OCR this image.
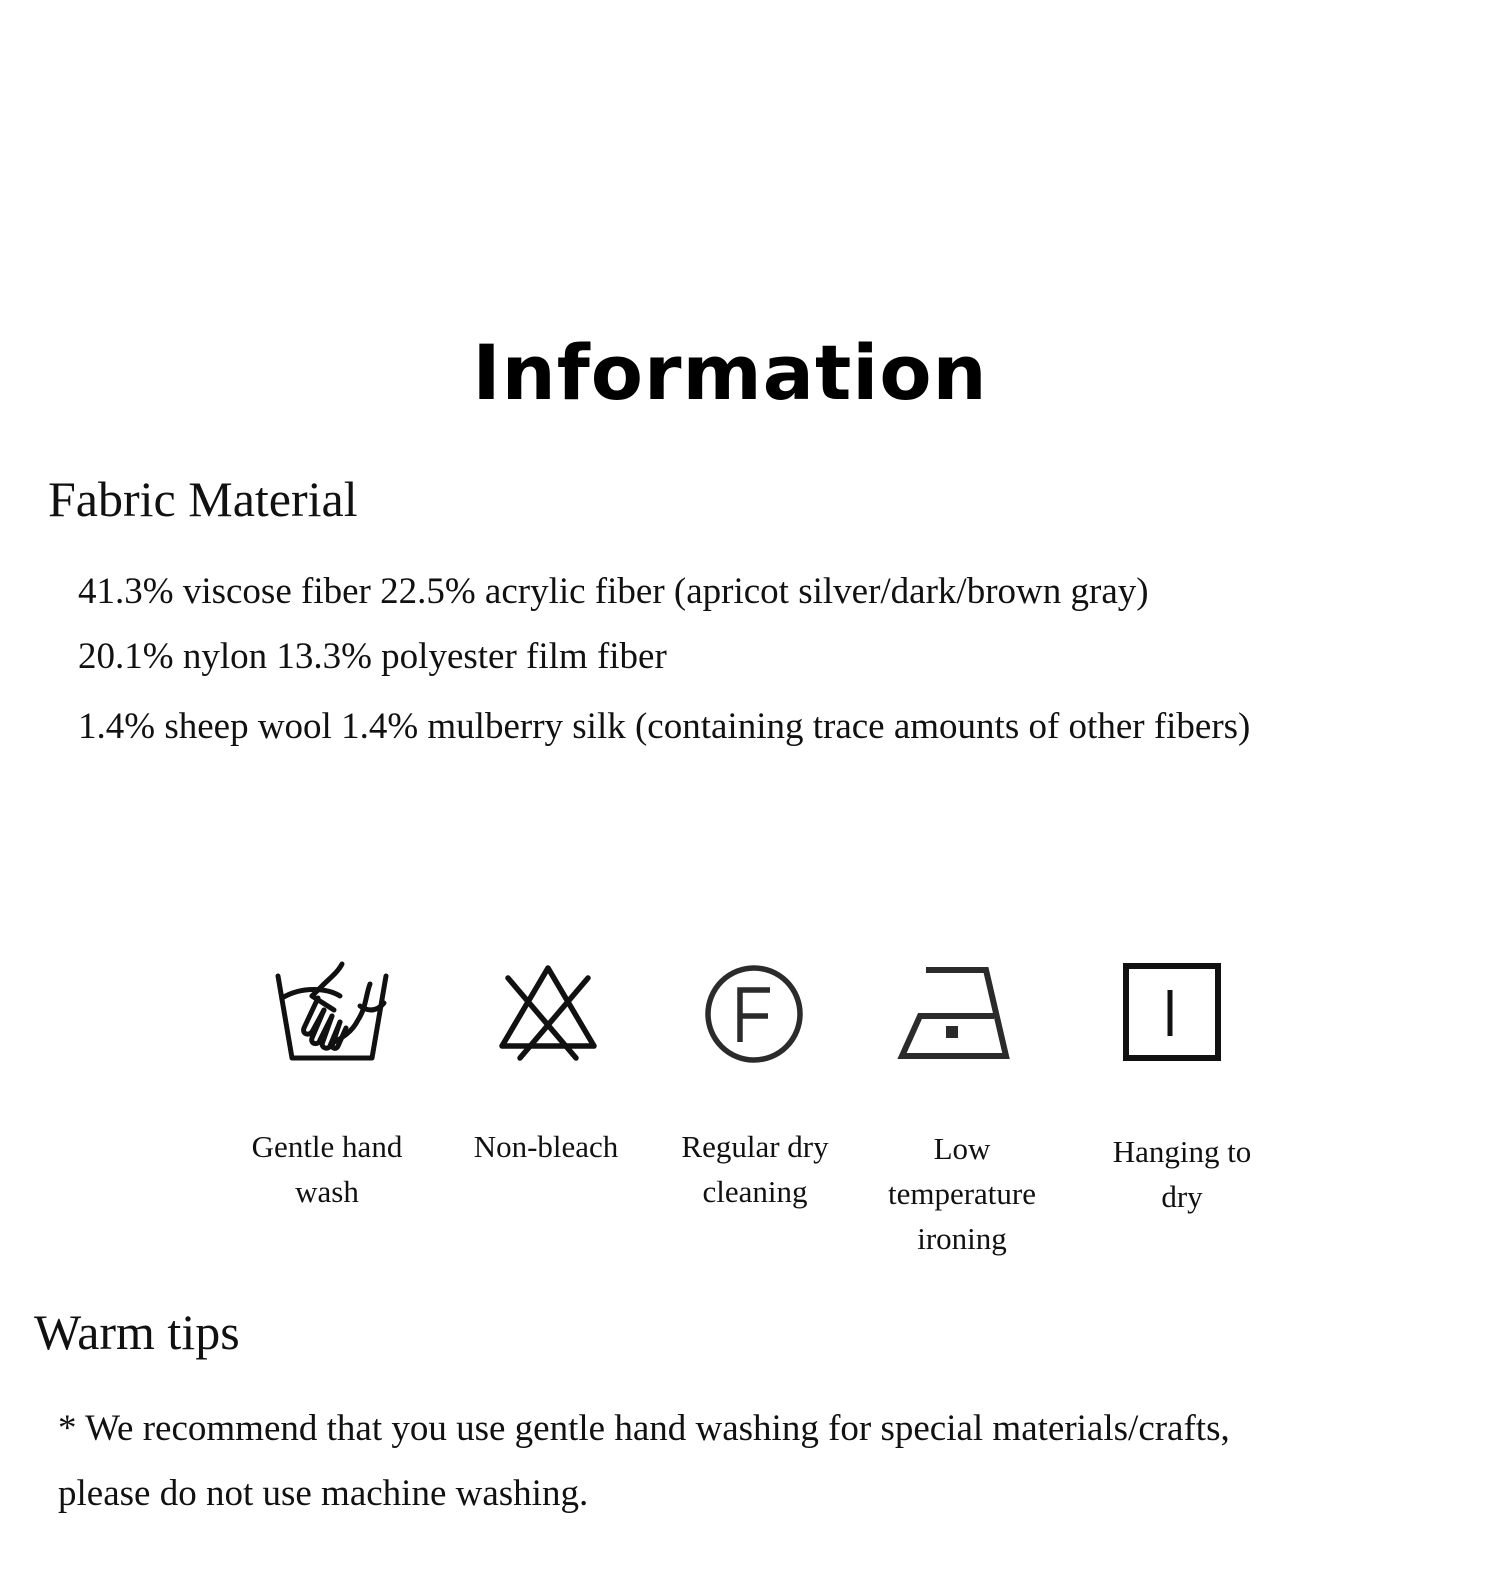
Information
Fabric Material
41.3% viscose fiber 22.5% acrylic fiber (apricot silver/dark/brown gray)
20.1% nylon 13.3% polyester film fiber
1.4% sheep wool 1.4% mulberry silk (containing trace amounts of other fibers)
Gentle hand
wash
Non-bleach	Regular dry
cleaning
Low
temperature
ironing
Hanging to
dry
Warm tips
* We recommend that you use gentle hand washing for special materials/crafts,
please do not use machine washing.
